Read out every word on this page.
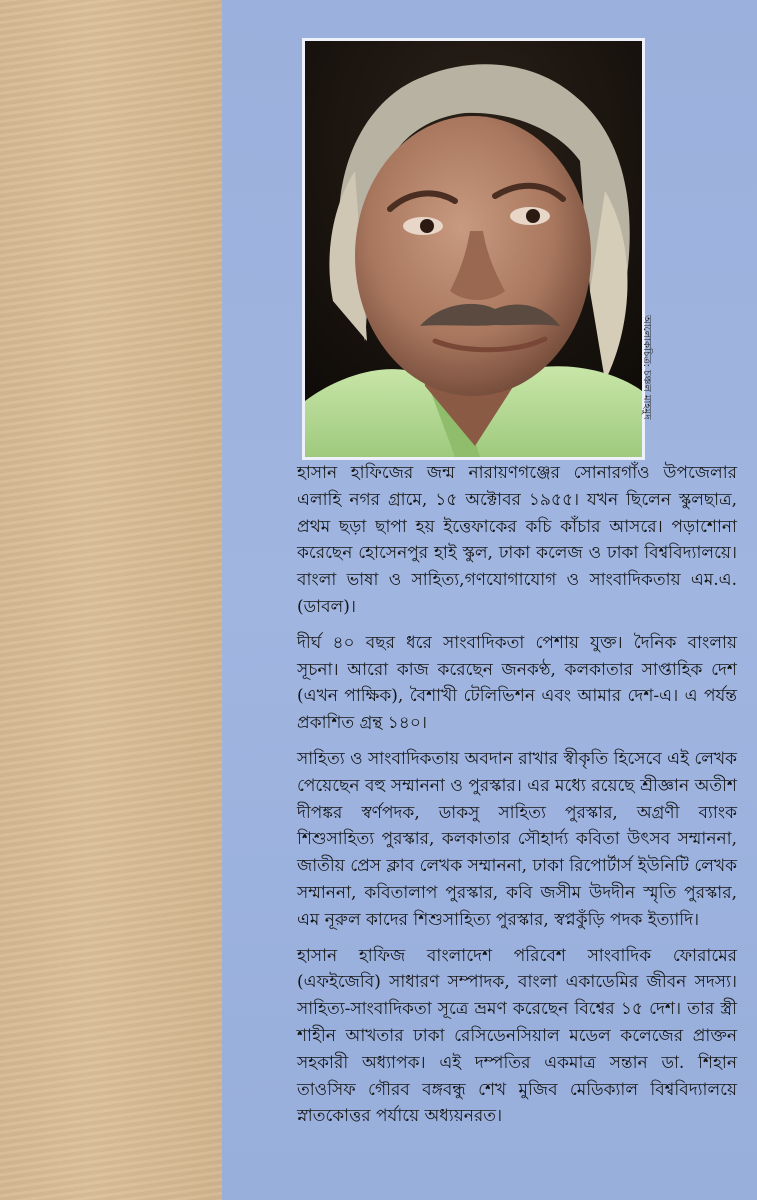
আলোকচিত্র: চঞ্চল মাহমুদ

হাসান হাফিজের জন্ম নারায়ণগঞ্জের সোনারগাঁও উপজেলার এলাহি নগর গ্রামে, ১৫ অক্টোবর ১৯৫৫। যখন ছিলেন স্কুলছাত্র, প্রথম ছড়া ছাপা হয় ইত্তেফাকের কচি কাঁচার আসরে। পড়াশোনা করেছেন হোসেনপুর হাই স্কুল, ঢাকা কলেজ ও ঢাকা বিশ্ববিদ্যালয়ে। বাংলা ভাষা ও সাহিত্য,গণযোগাযোগ ও সাংবাদিকতায় এম.এ.(ডাবল)।

দীর্ঘ ৪০ বছর ধরে সাংবাদিকতা পেশায় যুক্ত। দৈনিক বাংলায় সূচনা। আরো কাজ করেছেন জনকণ্ঠ, কলকাতার সাপ্তাহিক দেশ (এখন পাক্ষিক), বৈশাখী টেলিভিশন এবং আমার দেশ-এ। এ পর্যন্ত প্রকাশিত গ্রন্থ ১৪০।

সাহিত্য ও সাংবাদিকতায় অবদান রাখার স্বীকৃতি হিসেবে এই লেখক পেয়েছেন বহু সম্মাননা ও পুরস্কার। এর মধ্যে রয়েছে শ্রীজ্ঞান অতীশ দীপঙ্কর স্বর্ণপদক, ডাকসু সাহিত্য পুরস্কার, অগ্রণী ব্যাংক শিশুসাহিত্য পুরস্কার, কলকাতার সৌহার্দ্য কবিতা উৎসব সম্মাননা, জাতীয় প্রেস ক্লাব লেখক সম্মাননা, ঢাকা রিপোর্টার্স ইউনিটি লেখক সম্মাননা, কবিতালাপ পুরস্কার, কবি জসীম উদদীন স্মৃতি পুরস্কার, এম নূরুল কাদের শিশুসাহিত্য পুরস্কার, স্বপ্নকুঁড়ি পদক ইত্যাদি।

হাসান হাফিজ বাংলাদেশ পরিবেশ সাংবাদিক ফোরামের (এফইজেবি) সাধারণ সম্পাদক, বাংলা একাডেমির জীবন সদস্য। সাহিত্য-সাংবাদিকতা সূত্রে ভ্রমণ করেছেন বিশ্বের ১৫ দেশ। তার স্ত্রী শাহীন আখতার ঢাকা রেসিডেনসিয়াল মডেল কলেজের প্রাক্তন সহকারী অধ্যাপক। এই দম্পতির একমাত্র সন্তান ডা. শিহান তাওসিফ গৌরব বঙ্গবন্ধু শেখ মুজিব মেডিক্যাল বিশ্ববিদ্যালয়ে স্নাতকোত্তর পর্যায়ে অধ্যয়নরত।
